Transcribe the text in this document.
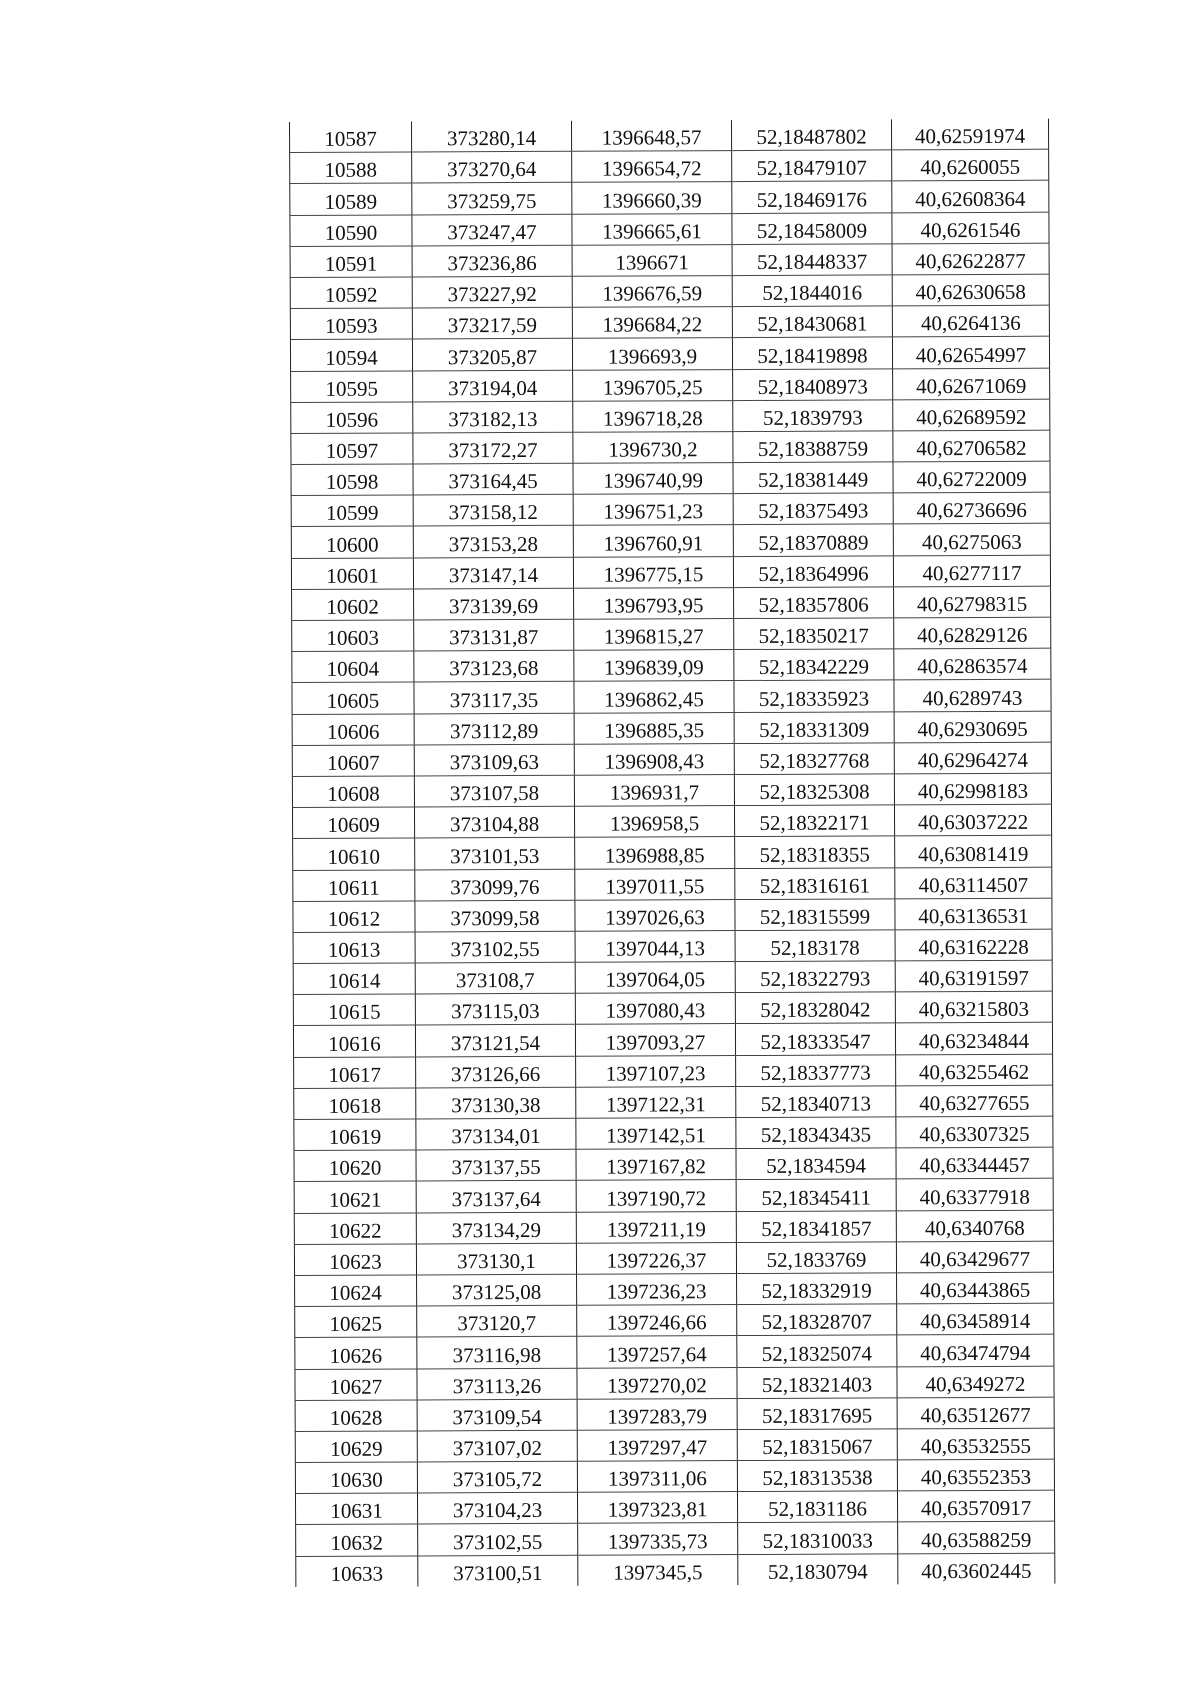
10587	373280,14	1396648,57	52,18487802	40,62591974
10588	373270,64	1396654,72	52,18479107	40,6260055
10589	373259,75	1396660,39	52,18469176	40,62608364
10590	373247,47	1396665,61	52,18458009	40,6261546
10591	373236,86	1396671	52,18448337	40,62622877
10592	373227,92	1396676,59	52,1844016	40,62630658
10593	373217,59	1396684,22	52,18430681	40,6264136
10594	373205,87	1396693,9	52,18419898	40,62654997
10595	373194,04	1396705,25	52,18408973	40,62671069
10596	373182,13	1396718,28	52,1839793	40,62689592
10597	373172,27	1396730,2	52,18388759	40,62706582
10598	373164,45	1396740,99	52,18381449	40,62722009
10599	373158,12	1396751,23	52,18375493	40,62736696
10600	373153,28	1396760,91	52,18370889	40,6275063
10601	373147,14	1396775,15	52,18364996	40,6277117
10602	373139,69	1396793,95	52,18357806	40,62798315
10603	373131,87	1396815,27	52,18350217	40,62829126
10604	373123,68	1396839,09	52,18342229	40,62863574
10605	373117,35	1396862,45	52,18335923	40,6289743
10606	373112,89	1396885,35	52,18331309	40,62930695
10607	373109,63	1396908,43	52,18327768	40,62964274
10608	373107,58	1396931,7	52,18325308	40,62998183
10609	373104,88	1396958,5	52,18322171	40,63037222
10610	373101,53	1396988,85	52,18318355	40,63081419
10611	373099,76	1397011,55	52,18316161	40,63114507
10612	373099,58	1397026,63	52,18315599	40,63136531
10613	373102,55	1397044,13	52,183178	40,63162228
10614	373108,7	1397064,05	52,18322793	40,63191597
10615	373115,03	1397080,43	52,18328042	40,63215803
10616	373121,54	1397093,27	52,18333547	40,63234844
10617	373126,66	1397107,23	52,18337773	40,63255462
10618	373130,38	1397122,31	52,18340713	40,63277655
10619	373134,01	1397142,51	52,18343435	40,63307325
10620	373137,55	1397167,82	52,1834594	40,63344457
10621	373137,64	1397190,72	52,18345411	40,63377918
10622	373134,29	1397211,19	52,18341857	40,6340768
10623	373130,1	1397226,37	52,1833769	40,63429677
10624	373125,08	1397236,23	52,18332919	40,63443865
10625	373120,7	1397246,66	52,18328707	40,63458914
10626	373116,98	1397257,64	52,18325074	40,63474794
10627	373113,26	1397270,02	52,18321403	40,6349272
10628	373109,54	1397283,79	52,18317695	40,63512677
10629	373107,02	1397297,47	52,18315067	40,63532555
10630	373105,72	1397311,06	52,18313538	40,63552353
10631	373104,23	1397323,81	52,1831186	40,63570917
10632	373102,55	1397335,73	52,18310033	40,63588259
10633	373100,51	1397345,5	52,1830794	40,63602445
